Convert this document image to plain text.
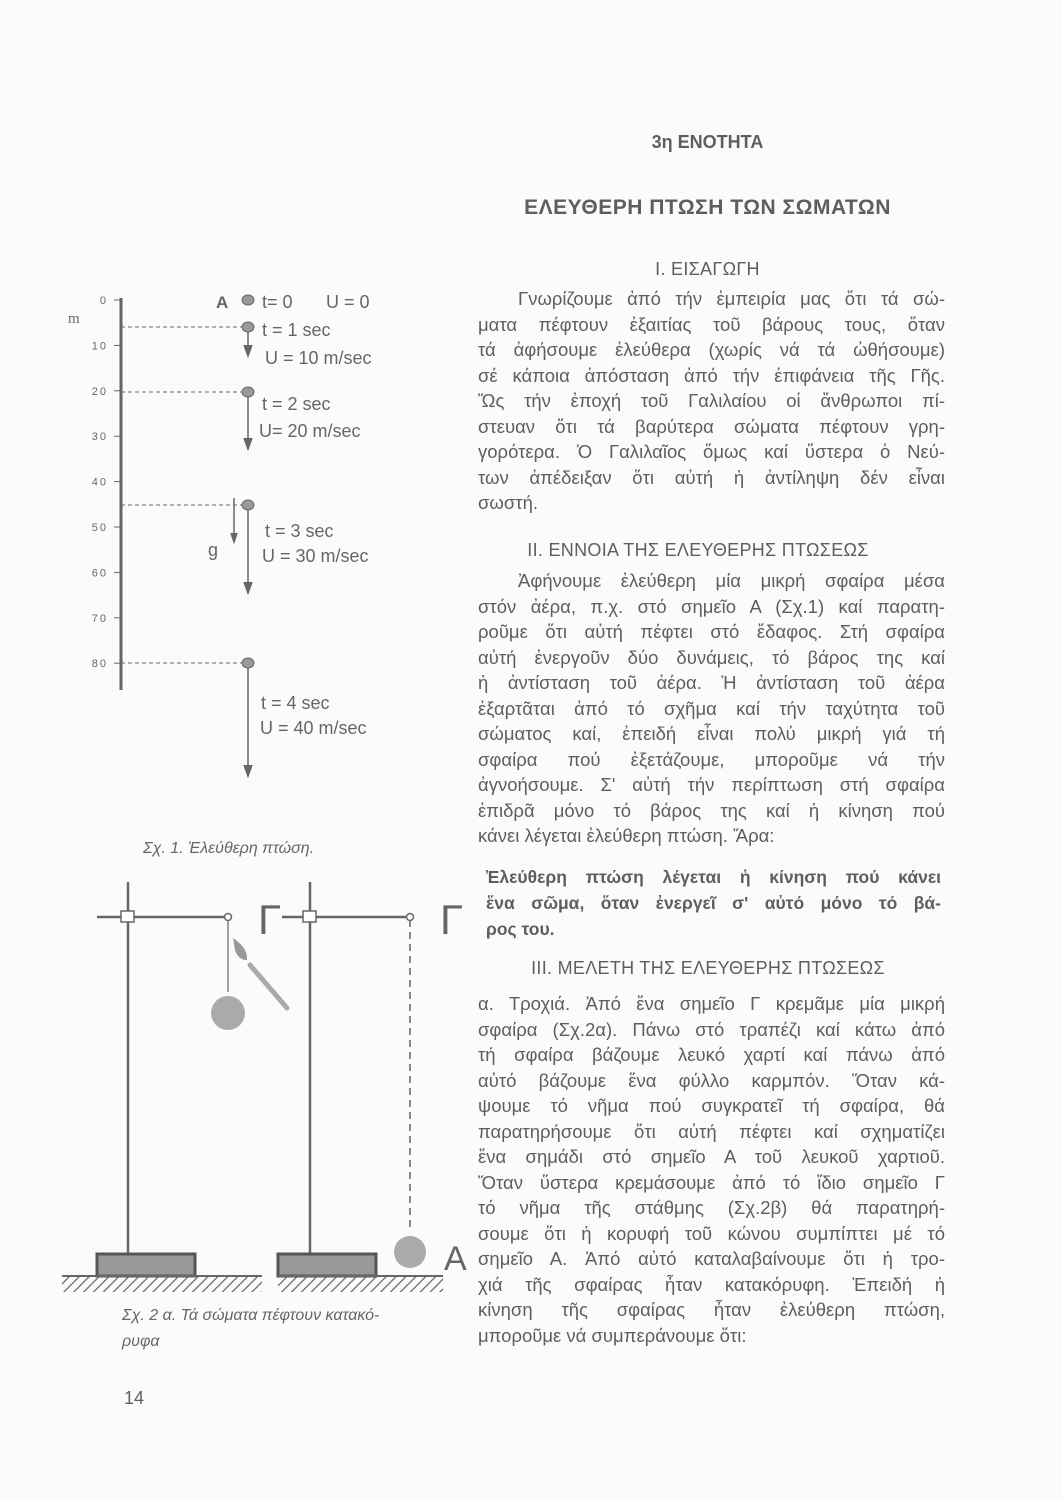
3η ΕΝΟΤΗΤΑ
ΕΛΕΥΘΕΡΗ ΠΤΩΣΗ ΤΩΝ ΣΩΜΑΤΩΝ
I. ΕΙΣΑΓΩΓΗ
Γνωρίζουμε ἀπό τήν ἐμπειρία μας ὅτι τά σώ-
ματα πέφτουν ἐξαιτίας τοῦ βάρους τους, ὅταν
τά ἀφήσουμε ἐλεύθερα (χωρίς νά τά ὠθήσουμε)
σέ κάποια ἀπόσταση ἀπό τήν ἐπιφάνεια τῆς Γῆς.
Ὥς τήν ἐποχή τοῦ Γαλιλαίου οἱ ἄνθρωποι πί-
στευαν ὅτι τά βαρύτερα σώματα πέφτουν γρη-
γορότερα. Ὁ Γαλιλαῖος ὅμως καί ὕστερα ὁ Νεύ-
των ἀπέδειξαν ὅτι αὐτή ἡ ἀντίληψη δέν εἶναι
σωστή.
II. ΕΝΝΟΙΑ ΤΗΣ ΕΛΕΥΘΕΡΗΣ ΠΤΩΣΕΩΣ
Ἀφήνουμε ἐλεύθερη μία μικρή σφαίρα μέσα
στόν ἀέρα, π.χ. στό σημεῖο Α (Σχ.1) καί παρατη-
ροῦμε ὅτι αὐτή πέφτει στό ἔδαφος. Στή σφαίρα
αὐτή ἐνεργοῦν δύο δυνάμεις, τό βάρος της καί
ἡ ἀντίσταση τοῦ ἀέρα. Ἡ ἀντίσταση τοῦ ἀέρα
ἐξαρτᾶται ἀπό τό σχῆμα καί τήν ταχύτητα τοῦ
σώματος καί, ἐπειδή εἶναι πολύ μικρή γιά τή
σφαίρα πού ἐξετάζουμε, μποροῦμε νά τήν
ἀγνοήσουμε. Σ' αὐτή τήν περίπτωση στή σφαίρα
ἐπιδρᾶ μόνο τό βάρος της καί ἡ κίνηση πού
κάνει λέγεται ἐλεύθερη πτώση. Ἄρα:
Ἐλεύθερη πτώση λέγεται ἡ κίνηση πού κάνει
ἕνα σῶμα, ὅταν ἐνεργεῖ σ' αὐτό μόνο τό βά-
ρος του.
III. ΜΕΛΕΤΗ ΤΗΣ ΕΛΕΥΘΕΡΗΣ ΠΤΩΣΕΩΣ
α. Τροχιά. Ἀπό ἕνα σημεῖο Γ κρεμᾶμε μία μικρή
σφαίρα (Σχ.2α). Πάνω στό τραπέζι καί κάτω ἀπό
τή σφαίρα βάζουμε λευκό χαρτί καί πάνω ἀπό
αὐτό βάζουμε ἕνα φύλλο καρμπόν. Ὅταν κά-
ψουμε τό νῆμα πού συγκρατεῖ τή σφαίρα, θά
παρατηρήσουμε ὅτι αὐτή πέφτει καί σχηματίζει
ἕνα σημάδι στό σημεῖο Α τοῦ λευκοῦ χαρτιοῦ.
Ὅταν ὕστερα κρεμάσουμε ἀπό τό ἴδιο σημεῖο Γ
τό νῆμα τῆς στάθμης (Σχ.2β) θά παρατηρή-
σουμε ὅτι ἡ κορυφή τοῦ κώνου συμπίπτει μέ τό
σημεῖο Α. Ἀπό αὐτό καταλαβαίνουμε ὅτι ἡ τρο-
χιά τῆς σφαίρας ἦταν κατακόρυφη. Ἐπειδή ἡ
κίνηση τῆς σφαίρας ἦταν ἐλεύθερη πτώση,
μποροῦμε νά συμπεράνουμε ὅτι:
m
0
10
20
30
40
50
60
70
80
A
g
t= 0 U = 0
t = 1 sec
U = 10 m/sec
t = 2 sec
U= 20 m/sec
t = 3 sec
U = 30 m/sec
t = 4 sec
U = 40 m/sec
Σχ. 1. Ἐλεύθερη πτώση.
Γ	Γ
Α
Σχ. 2 α. Τά σώματα πέφτουν κατακό-
ρυφα
14
